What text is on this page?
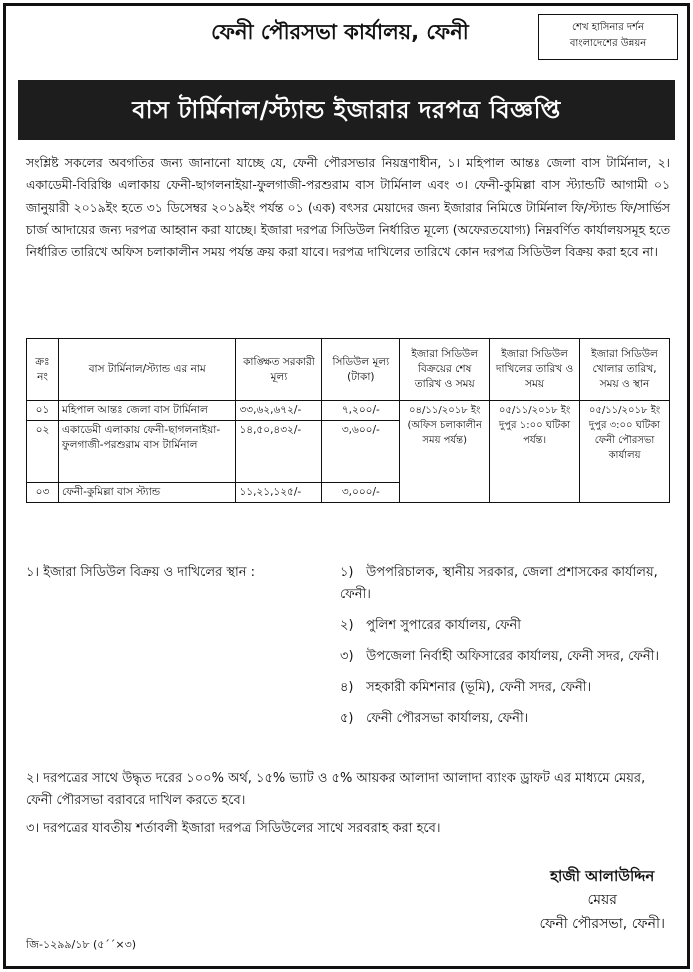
ফেনী পৌরসভা কার্যালয়, ফেনী	শেখ হাসিনার দর্শন
বাংলাদেশের উন্নয়ন
বাস টার্মিনাল/স্ট্যান্ড ইজারার দরপত্র বিজ্ঞপ্তি

সংশ্লিষ্ট সকলের অবগতির জন্য জানানো যাচ্ছে যে, ফেনী পৌরসভার নিয়ন্ত্রণাধীন, ১। মহিপাল আন্তঃ জেলা বাস টার্মিনাল, ২। একাডেমী-বিরিঞ্চি এলাকায় ফেনী-ছাগলনাইয়া-ফুলগাজী-পরশুরাম বাস টার্মিনাল এবং ৩। ফেনী-কুমিল্লা বাস স্ট্যান্ডটি আগামী ০১ জানুয়ারী ২০১৯ইং হতে ৩১ ডিসেম্বর ২০১৯ইং পর্যন্ত ০১ (এক) বৎসর মেয়াদের জন্য ইজারার নিমিত্তে টার্মিনাল ফি/স্ট্যান্ড ফি/সার্ভিস চার্জ আদায়ের জন্য দরপত্র আহ্বান করা যাচ্ছে। ইজারা দরপত্র সিডিউল নির্ধারিত মূল্যে (অফেরতযোগ্য) নিম্নবর্ণিত কার্যালয়সমূহ হতে নির্ধারিত তারিখে অফিস চলাকালীন সময় পর্যন্ত ক্রয় করা যাবে। দরপত্র দাখিলের তারিখে কোন দরপত্র সিডিউল বিক্রয় করা হবে না।

ক্রঃ নং	বাস টার্মিনাল/স্ট্যান্ড এর নাম	কাঙ্ক্ষিত সরকারী মূল্য	সিডিউল মূল্য (টাকা)	ইজারা সিডিউল বিক্রয়ের শেষ তারিখ ও সময়	ইজারা সিডিউল দাখিলের তারিখ ও সময়	ইজারা সিডিউল খোলার তারিখ, সময় ও স্থান
০১	মহিপাল আন্তঃ জেলা বাস টার্মিনাল	৩৩,৬২,৬৭২/-	৭,২০০/-	০৪/১১/২০১৮ ইং (অফিস চলাকালীন সময় পর্যন্ত)	০৫/১১/২০১৮ ইং দুপুর ১:০০ ঘটিকা পর্যন্ত।	০৫/১১/২০১৮ ইং দুপুর ৩:০০ ঘটিকা ফেনী পৌরসভা কার্যালয়
০২	একাডেমী এলাকায় ফেনী-ছাগলনাইয়া-ফুলগাজী-পরশুরাম বাস টার্মিনাল	১৪,৫০,৪৩২/-	৩,৬০০/-			
০৩	ফেনী-কুমিল্লা বাস স্ট্যান্ড	১১,২১,১২৫/-	৩,০০০/-			
১। ইজারা সিডিউল বিক্রয় ও দাখিলের স্থান :	১) উপপরিচালক, স্থানীয় সরকার, জেলা প্রশাসকের কার্যালয়, ফেনী।
২) পুলিশ সুপারের কার্যালয়, ফেনী
৩) উপজেলা নির্বাহী অফিসারের কার্যালয়, ফেনী সদর, ফেনী।
৪) সহকারী কমিশনার (ভূমি), ফেনী সদর, ফেনী।
৫) ফেনী পৌরসভা কার্যালয়, ফেনী।

২। দরপত্রের সাথে উদ্ধৃত দরের ১০০% অর্থ, ১৫% ভ্যাট ও ৫% আয়কর আলাদা আলাদা ব্যাংক ড্রাফট এর মাধ্যমে মেয়র, ফেনী পৌরসভা বরাবরে দাখিল করতে হবে।

৩। দরপত্রের যাবতীয় শর্তাবলী ইজারা দরপত্র সিডিউলের সাথে সরবরাহ করা হবে।

হাজী আলাউদ্দিন
মেয়র
ফেনী পৌরসভা, ফেনী।
জি-১২৯৯/১৮ (৫´´×৩)
